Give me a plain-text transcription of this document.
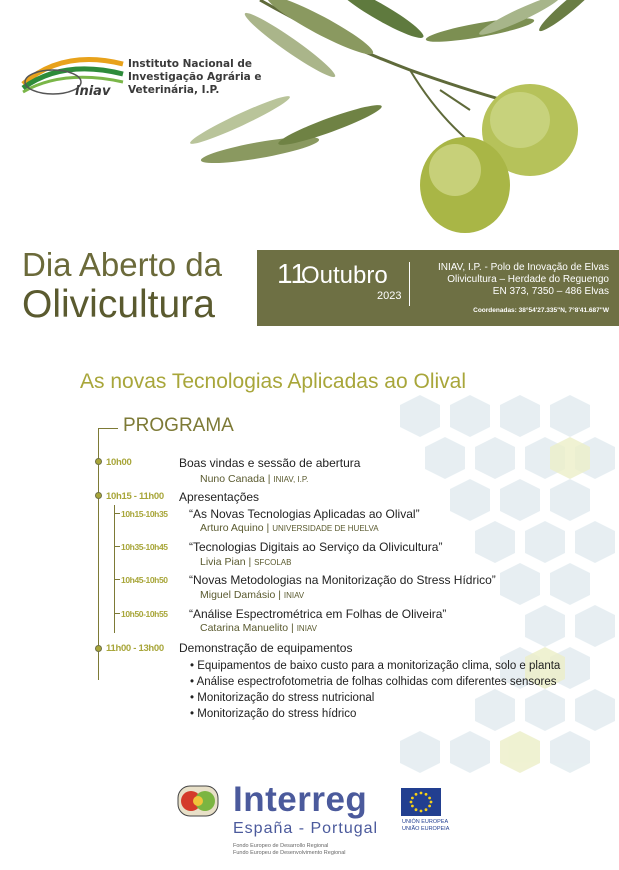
iniav
Instituto Nacional de
Investigação Agrária e
Veterinária, I.P.
Dia Aberto da
Olivicultura
11
Outubro
2023
INIAV, I.P. - Polo de Inovação de Elvas
Olivicultura – Herdade do Reguengo
EN 373, 7350 – 486 Elvas
Coordenadas: 38°54'27.335"N, 7°8'41.687"W
As novas Tecnologias Aplicadas ao Olival
PROGRAMA
10h00	Boas vindas e sessão de abertura
Nuno Canada | INIAV, I.P.
10h15 - 11h00 Apresentações
10h15-10h35 “As Novas Tecnologias Aplicadas ao Olival”
Arturo Aquino | UNIVERSIDADE DE HUELVA
10h35-10h45 “Tecnologias Digitais ao Serviço da Olivicultura”
Livia Pian | SFCOLAB
10h45-10h50 “Novas Metodologias na Monitorização do Stress Hídrico”
Miguel Damásio | INIAV
10h50-10h55 “Análise Espectrométrica em Folhas de Oliveira”
Catarina Manuelito | INIAV
11h00 - 13h00 Demonstração de equipamentos
• Equipamentos de baixo custo para a monitorização clima, solo e planta
• Análise espectrofotometria de folhas colhidas com diferentes sensores
• Monitorização do stress nutricional
• Monitorização do stress hídrico
Interreg
España - Portugal
Fondo Europeo de Desarrollo Regional
Fundo Europeu de Desenvolvimento Regional
UNIÓN EUROPEA
UNIÃO EUROPEIA
